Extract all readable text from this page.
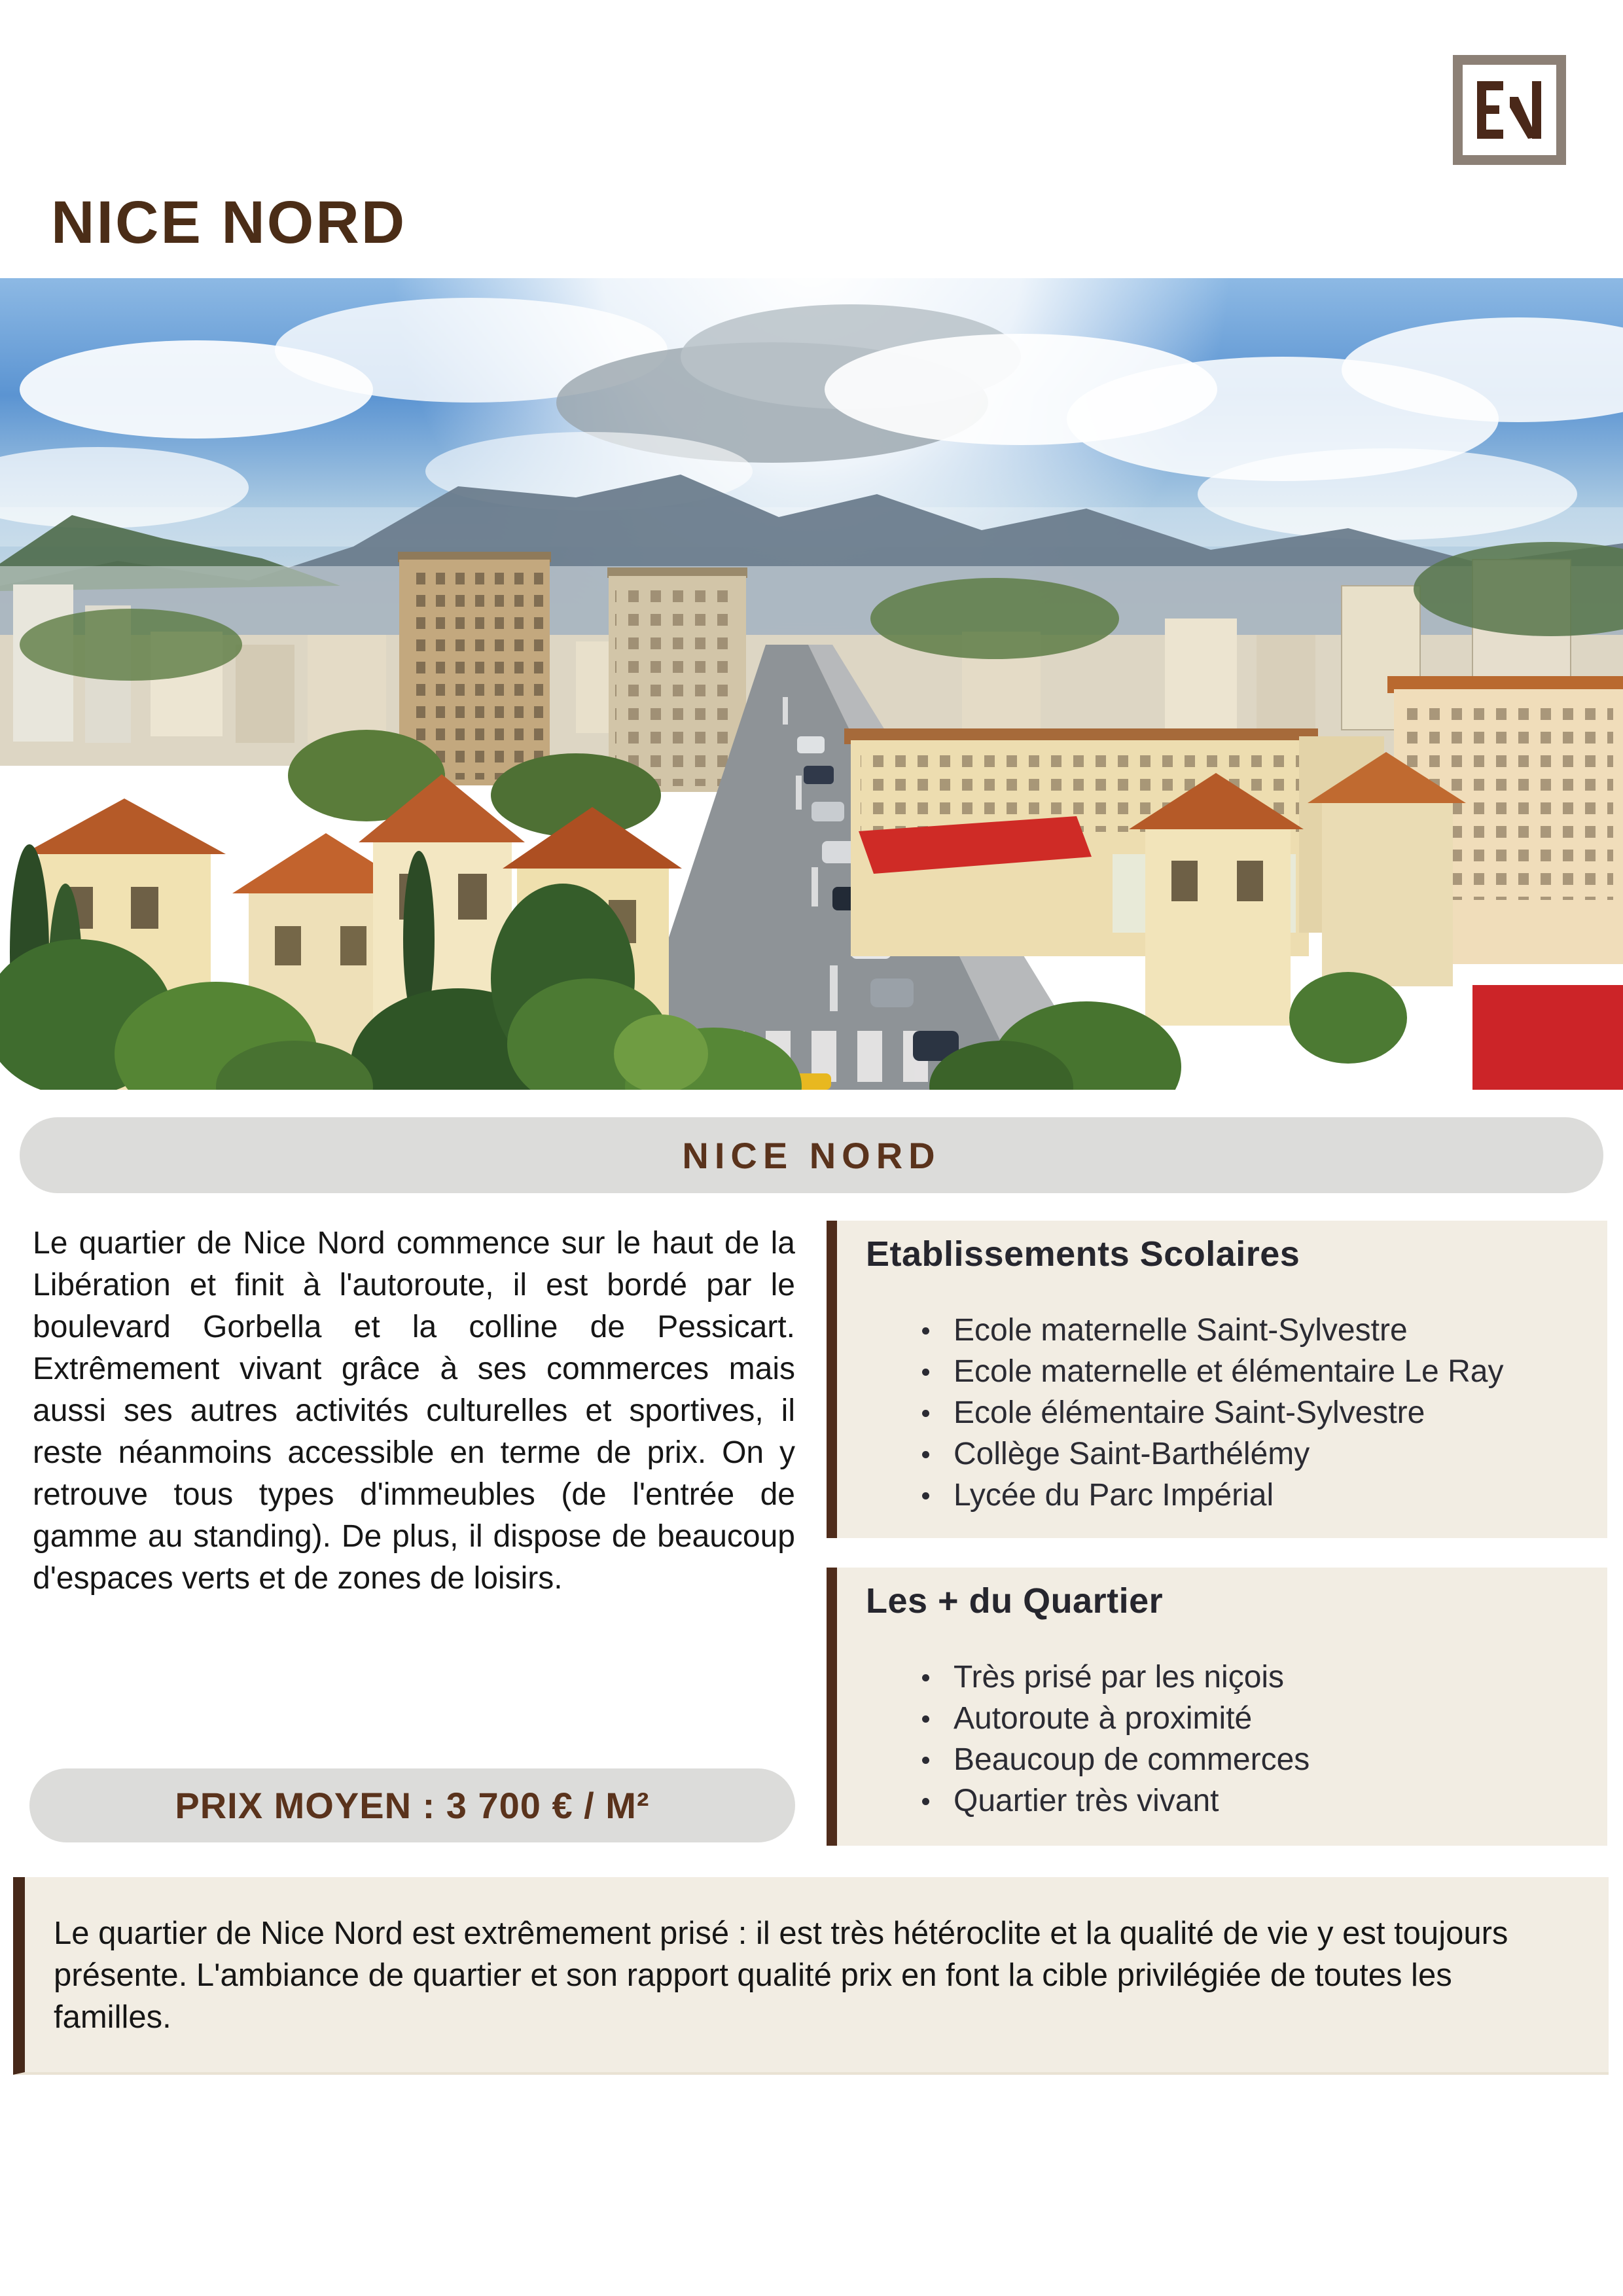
NICE NORD
NICE NORD
Le quartier de Nice Nord commence sur le haut de la Libération et finit à l'autoroute, il est bordé par le boulevard Gorbella et la colline de Pessicart. Extrêmement vivant grâce à ses commerces mais aussi ses autres activités culturelles et sportives, il reste néanmoins accessible en terme de prix. On y retrouve tous types d'immeubles (de l'entrée de gamme au standing). De plus, il dispose de beaucoup d'espaces verts et de zones de loisirs.
PRIX MOYEN : 3 700 € / M²
Etablissements Scolaires
Ecole maternelle Saint-Sylvestre
Ecole maternelle et élémentaire Le Ray
Ecole élémentaire Saint-Sylvestre
Collège Saint-Barthélémy
Lycée du Parc Impérial
Les + du Quartier
Très prisé par les niçois
Autoroute à proximité
Beaucoup de commerces
Quartier très vivant
Le quartier de Nice Nord est extrêmement prisé : il est très hétéroclite et la qualité de vie y est toujours présente. L'ambiance de quartier et son rapport qualité prix en font la cible privilégiée de toutes les familles.
